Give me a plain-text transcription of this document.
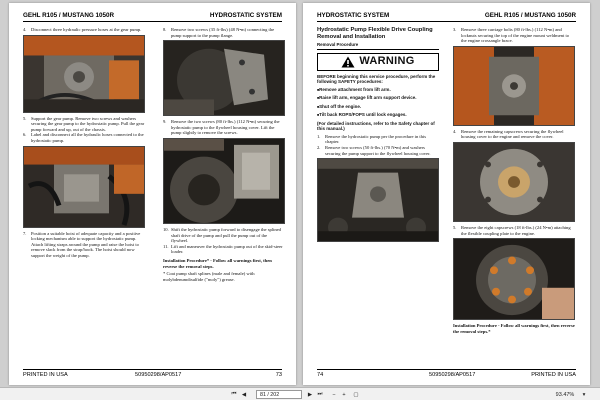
GEHL R105 / MUSTANG 1050R	HYDROSTATIC SYSTEM
4. Disconnect three hydraulic pressure hoses at the gear pump.
5. Support the gear pump. Remove two screws and washers securing the gear pump to the hydrostatic pump. Pull the gear pump forward and up, out of the chassis.
6. Label and disconnect all the hydraulic hoses connected to the hydrostatic pump.
7. Position a suitable hoist of adequate capacity and a positive locking mechanism able to support the hydrostatic pump. Attach lifting straps around the pump and raise the hoist to remove slack from the strap/hook. The hoist should now support the weight of the pump.
8. Remove two screws (35 ft-lbs) (48 N•m) connecting the pump support to the pump flange.
9. Remove the two screws (80 ft-lbs.) (112 N•m) securing the hydrostatic pump to the flywheel housing cover. Lift the pump slightly to remove the screws.
10. Shift the hydrostatic pump forward to disengage the splined shaft drive of the pump and pull the pump out of the flywheel.
11. Lift and maneuver the hydrostatic pump out of the skid-steer loader.

Installation Procedure* - Follow all warnings first, then reverse the removal steps.

* Coat pump shaft splines (male and female) with molybdenumdisulfide ("moly") grease.

PRINTED IN USA	50950298/AP0517	73
HYDROSTATIC SYSTEM	GEHL R105 / MUSTANG 1050R
Hydrostatic Pump Flexible Drive Coupling Removal and Installation
Removal Procedure
WARNING

BEFORE beginning this service procedure, perform the following SAFETY procedures:

■ Remove attachment from lift arm.

■ Raise lift arm, engage lift arm support device.

■ Shut off the engine.

■ Tilt back ROPS/FOPS until lock engages.

(For detailed instructions, refer to the Safety chapter of this manual.)

1. Remove the hydrostatic pump per the procedure in this chapter.
2. Remove two screws (50 ft-lbs.) (70 N•m) and washers securing the pump support to the flywheel housing cover.
3. Remove three carriage bolts (80 ft-lbs.) (112 N•m) and locknuts securing the top of the engine mount weldment to the engine crossangle brace.
4. Remove the remaining capscrews securing the flywheel housing cover to the engine and remove the cover.
5. Remove the eight capscrews (18 ft-lbs.) (24 N•m) attaching the flexible coupling plate to the engine.

Installation Procedure - Follow all warnings first, then reverse the removal steps.*

74	50950298/AP0517	PRINTED IN USA
⏮ ◀	81 / 202	▶ ⏭	−	+	▢	93.47%	▾
